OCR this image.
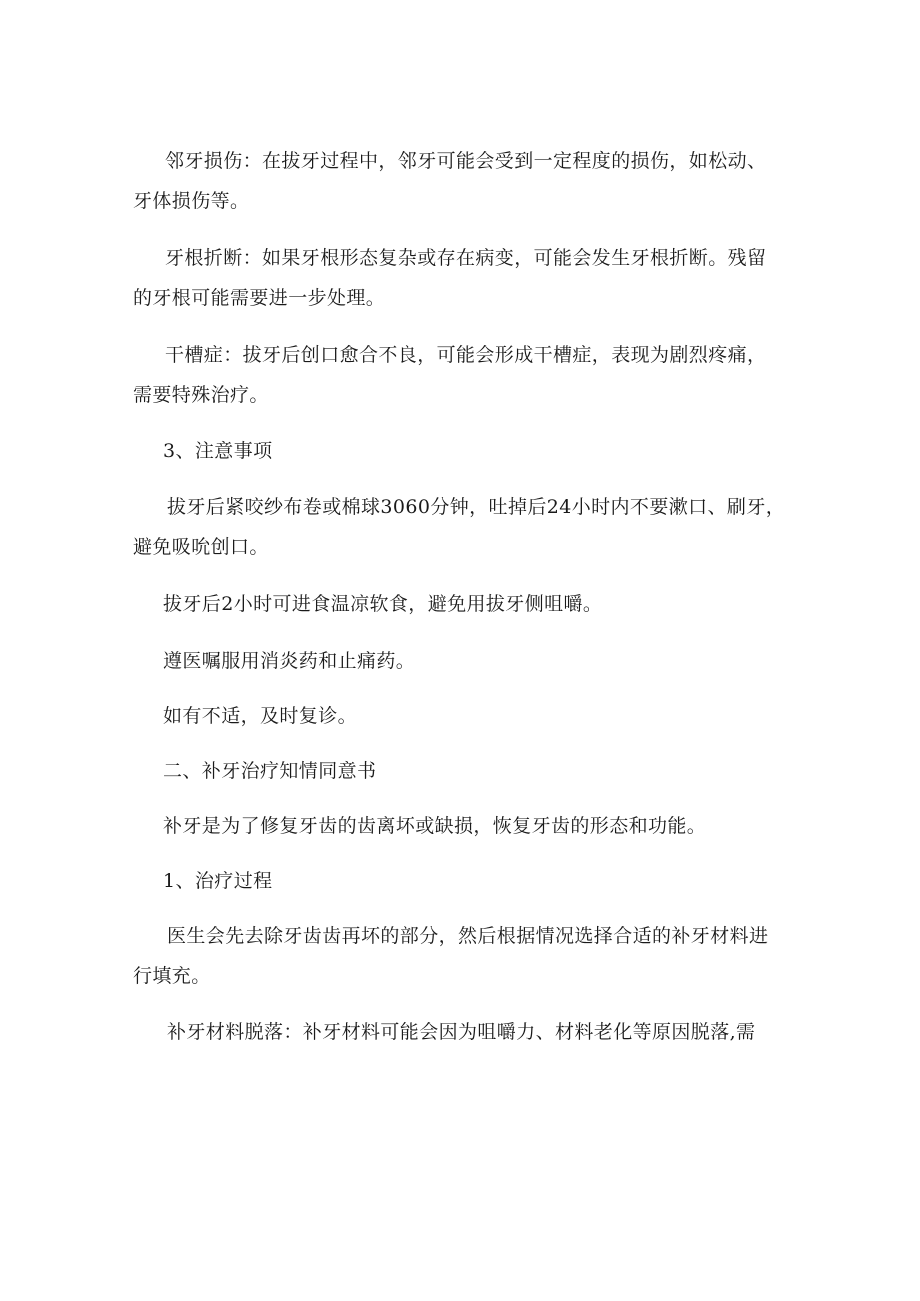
邻牙损伤：在拔牙过程中，邻牙可能会受到一定程度的损伤，如松动、
牙体损伤等。
牙根折断：如果牙根形态复杂或存在病变，可能会发生牙根折断。残留
的牙根可能需要进一步处理。
干槽症：拔牙后创口愈合不良，可能会形成干槽症，表现为剧烈疼痛，
需要特殊治疗。
3、注意事项
拔牙后紧咬纱布卷或棉球3060分钟，吐掉后24小时内不要漱口、刷牙，
避免吸吮创口。
拔牙后2小时可进食温凉软食，避免用拔牙侧咀嚼。
遵医嘱服用消炎药和止痛药。
如有不适，及时复诊。
二、补牙治疗知情同意书
补牙是为了修复牙齿的齿离坏或缺损，恢复牙齿的形态和功能。
1、治疗过程
医生会先去除牙齿齿再坏的部分，然后根据情况选择合适的补牙材料进
行填充。
补牙材料脱落：补牙材料可能会因为咀嚼力、材料老化等原因脱落,需
